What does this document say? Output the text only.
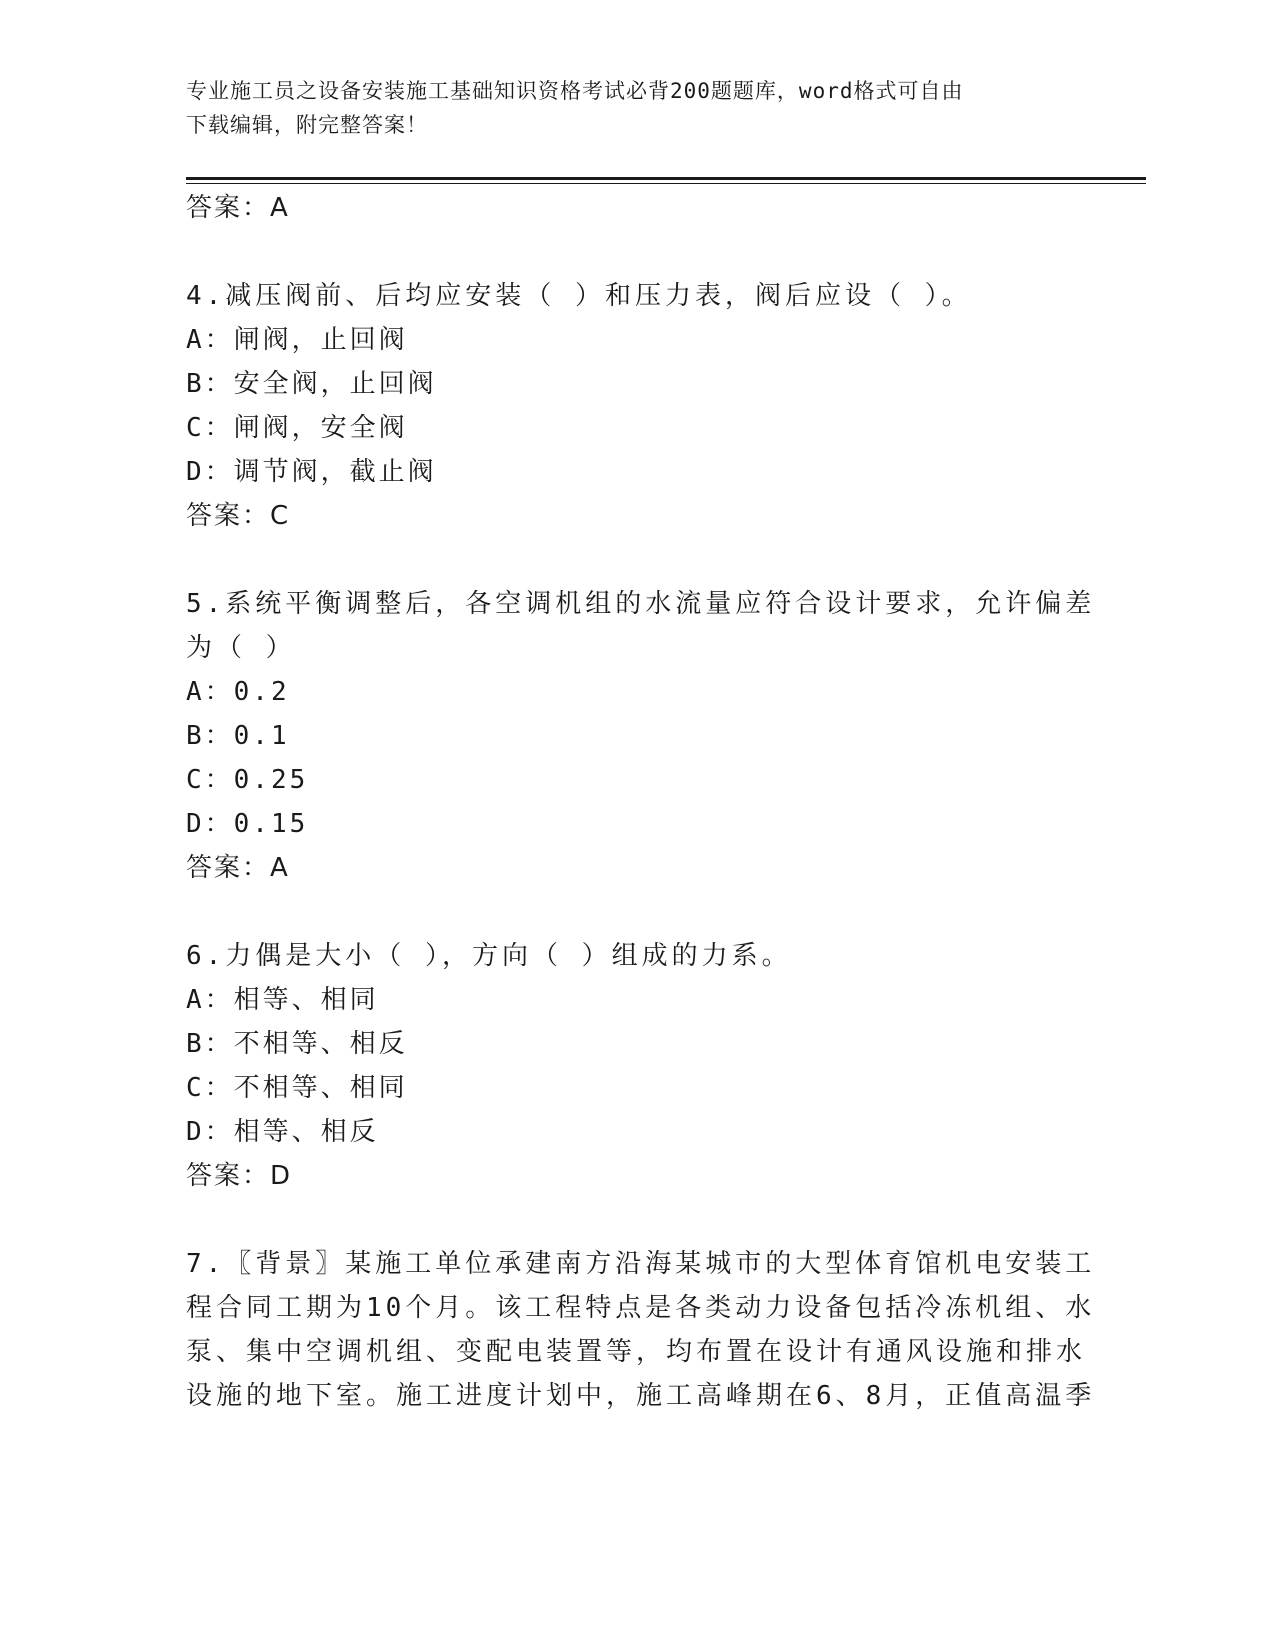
专业施工员之设备安装施工基础知识资格考试必背200题题库，word格式可自由
下载编辑，附完整答案！
答案：A
4.减压阀前、后均应安装（ ）和压力表，阀后应设（ ）。
A：闸阀，止回阀
B：安全阀，止回阀
C：闸阀，安全阀
D：调节阀，截止阀
答案：C
5.系统平衡调整后，各空调机组的水流量应符合设计要求，允许偏差
为（ ）
A：0.2
B：0.1
C：0.25
D：0.15
答案：A
6.力偶是大小（ ），方向（ ）组成的力系。
A：相等、相同
B：不相等、相反
C：不相等、相同
D：相等、相反
答案：D
7.〖背景〗某施工单位承建南方沿海某城市的大型体育馆机电安装工
程合同工期为10个月。该工程特点是各类动力设备包括冷冻机组、水
泵、集中空调机组、变配电装置等，均布置在设计有通风设施和排水
设施的地下室。施工进度计划中，施工高峰期在6、8月，正值高温季
